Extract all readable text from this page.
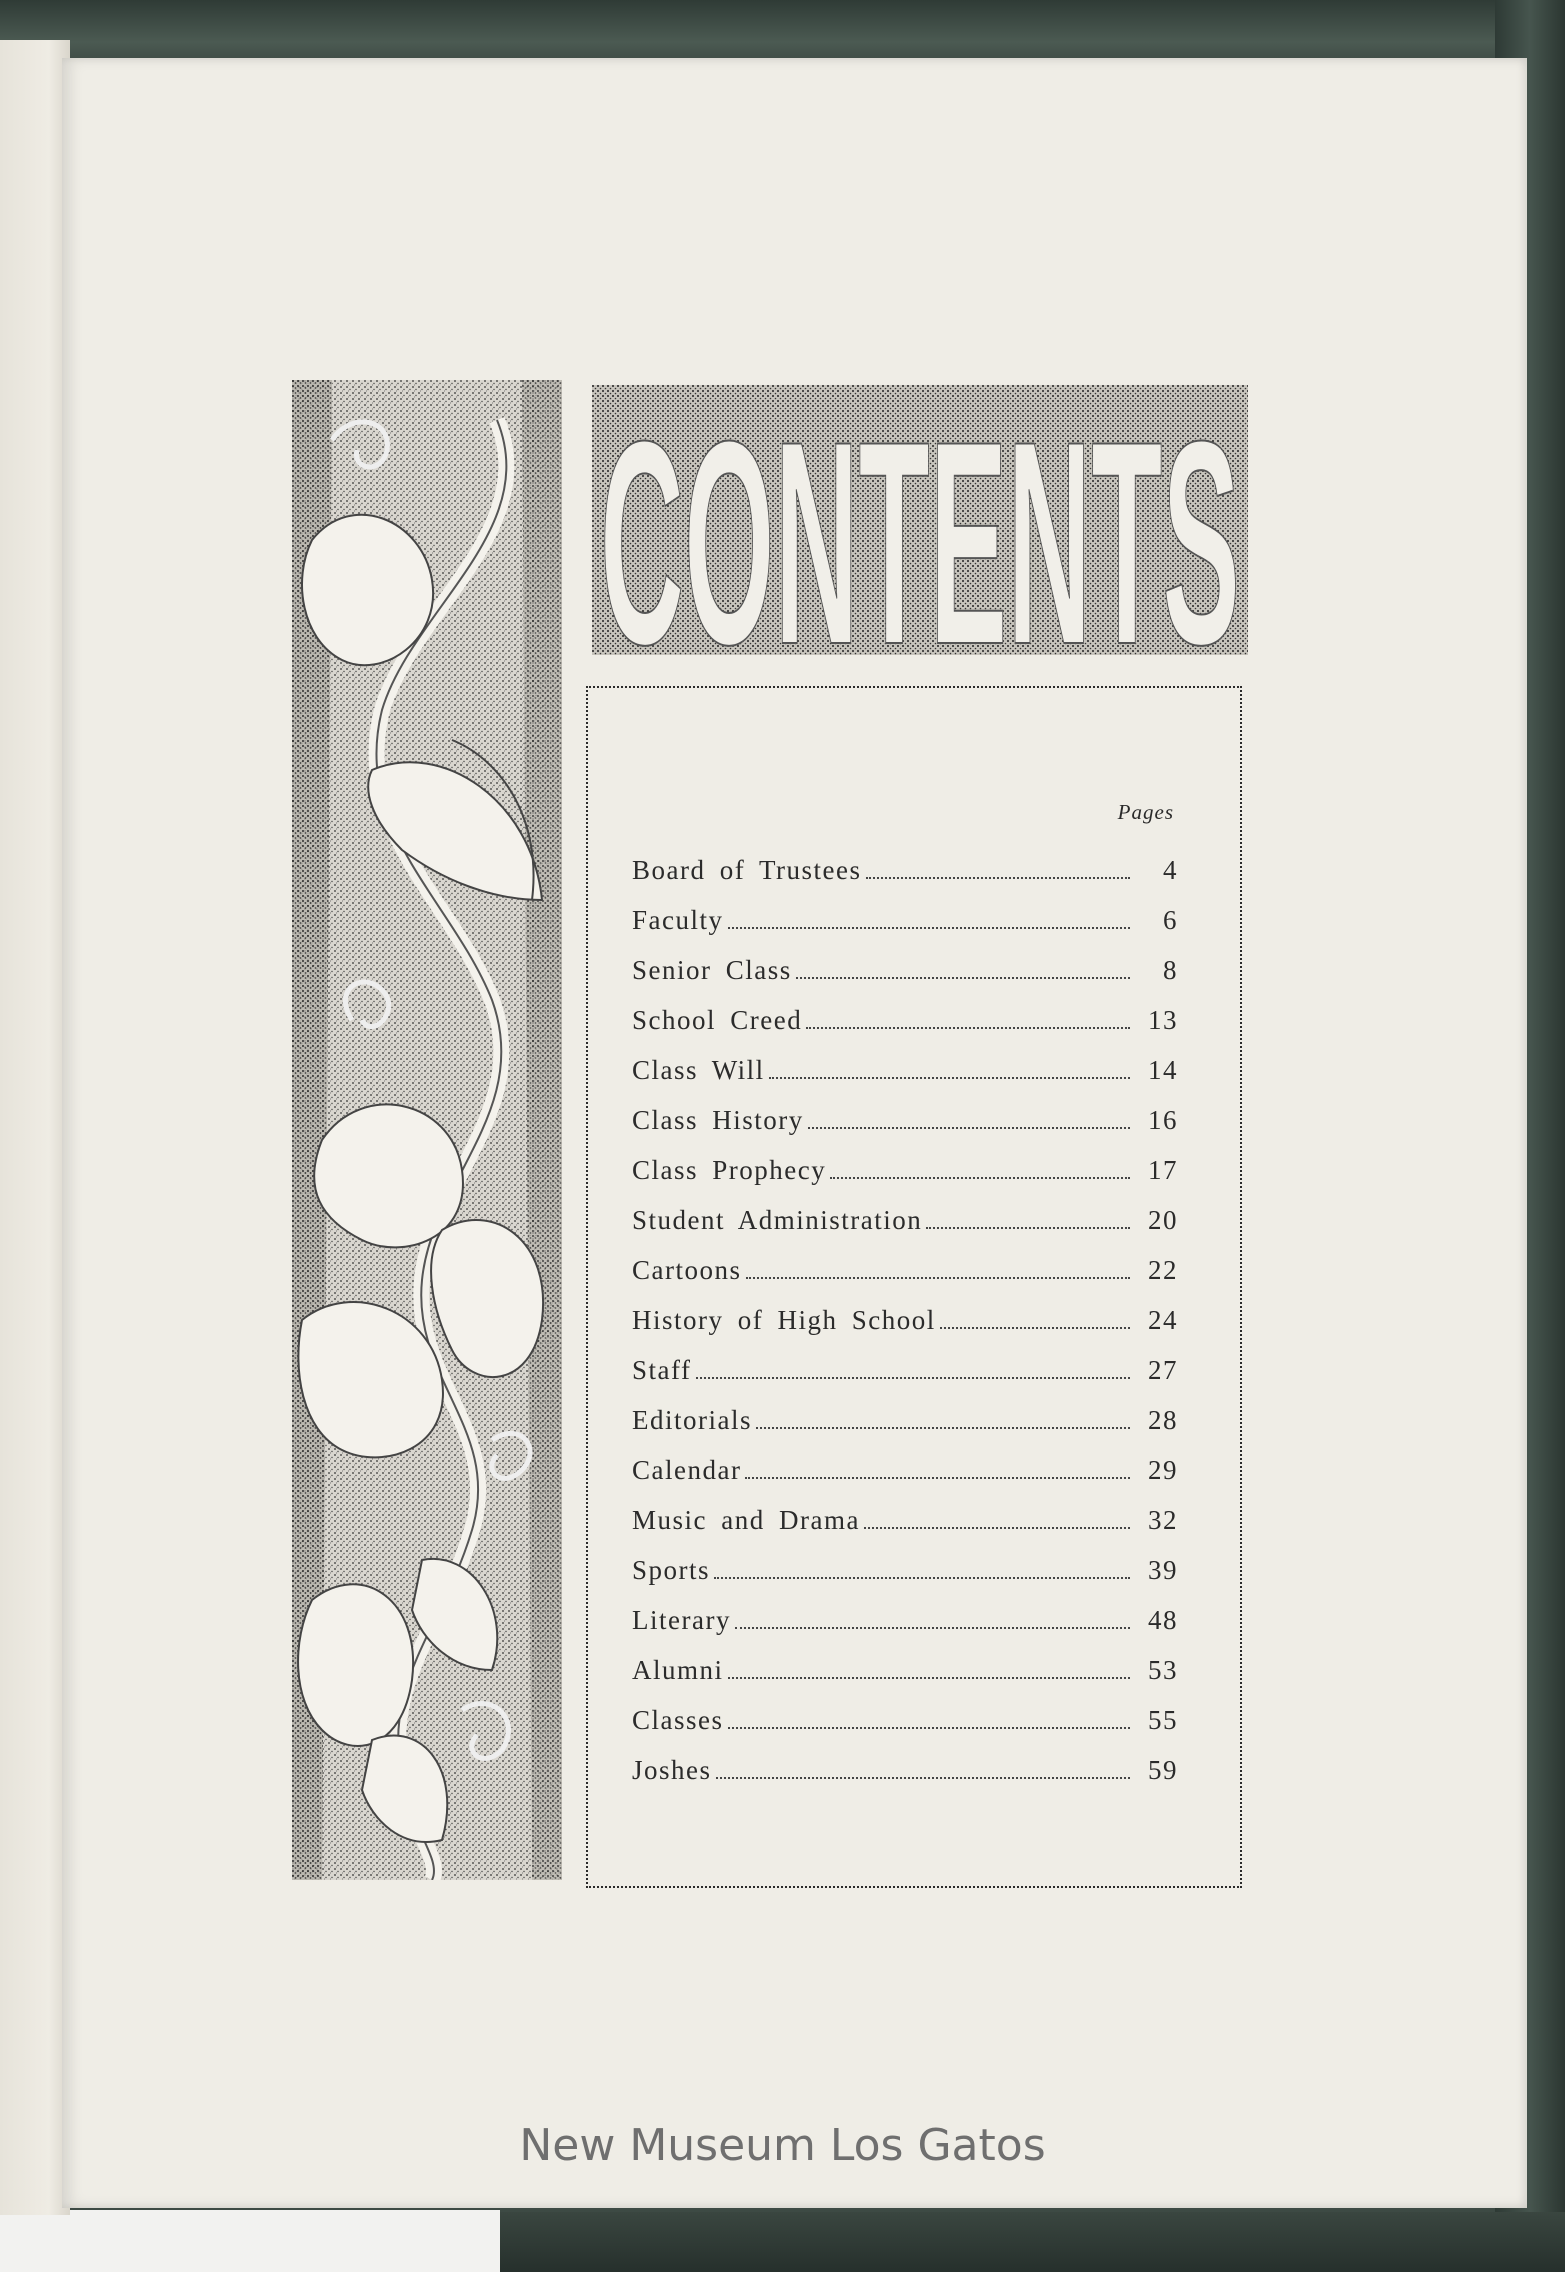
CONTENTS
Pages
Board of Trustees	4
Faculty	6
Senior Class	8
School Creed	13
Class Will	14
Class History	16
Class Prophecy	17
Student Administration	20
Cartoons	22
History of High School	24
Staff	27
Editorials	28
Calendar	29
Music and Drama	32
Sports	39
Literary	48
Alumni	53
Classes	55
Joshes	59
New Museum Los Gatos
